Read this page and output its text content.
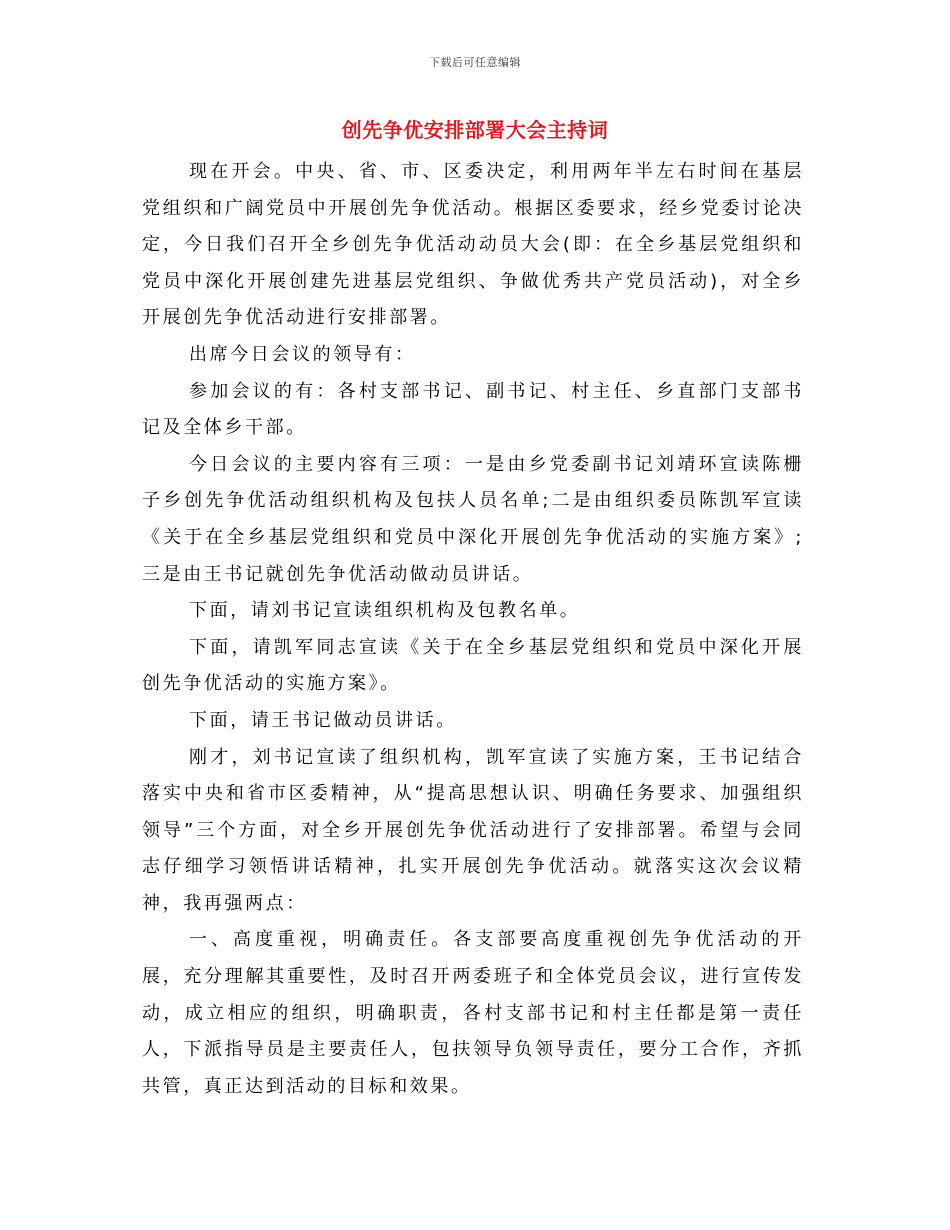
下载后可任意编辑
创先争优安排部署大会主持词

现在开会。中央、省、市、区委决定，利用两年半左右时间在基层党组织和广阔党员中开展创先争优活动。根据区委要求，经乡党委讨论决定，今日我们召开全乡创先争优活动动员大会(即：在全乡基层党组织和党员中深化开展创建先进基层党组织、争做优秀共产党员活动)，对全乡开展创先争优活动进行安排部署。

出席今日会议的领导有：

参加会议的有：各村支部书记、副书记、村主任、乡直部门支部书记及全体乡干部。

今日会议的主要内容有三项：一是由乡党委副书记刘靖环宣读陈栅子乡创先争优活动组织机构及包扶人员名单;二是由组织委员陈凯军宣读《关于在全乡基层党组织和党员中深化开展创先争优活动的实施方案》;三是由王书记就创先争优活动做动员讲话。

下面，请刘书记宣读组织机构及包教名单。

下面，请凯军同志宣读《关于在全乡基层党组织和党员中深化开展创先争优活动的实施方案》。

下面，请王书记做动员讲话。

刚才，刘书记宣读了组织机构，凯军宣读了实施方案，王书记结合落实中央和省市区委精神，从“提高思想认识、明确任务要求、加强组织领导”三个方面，对全乡开展创先争优活动进行了安排部署。希望与会同志仔细学习领悟讲话精神，扎实开展创先争优活动。就落实这次会议精神，我再强两点：

一、高度重视，明确责任。各支部要高度重视创先争优活动的开展，充分理解其重要性，及时召开两委班子和全体党员会议，进行宣传发动，成立相应的组织，明确职责，各村支部书记和村主任都是第一责任人，下派指导员是主要责任人，包扶领导负领导责任，要分工合作，齐抓共管，真正达到活动的目标和效果。
